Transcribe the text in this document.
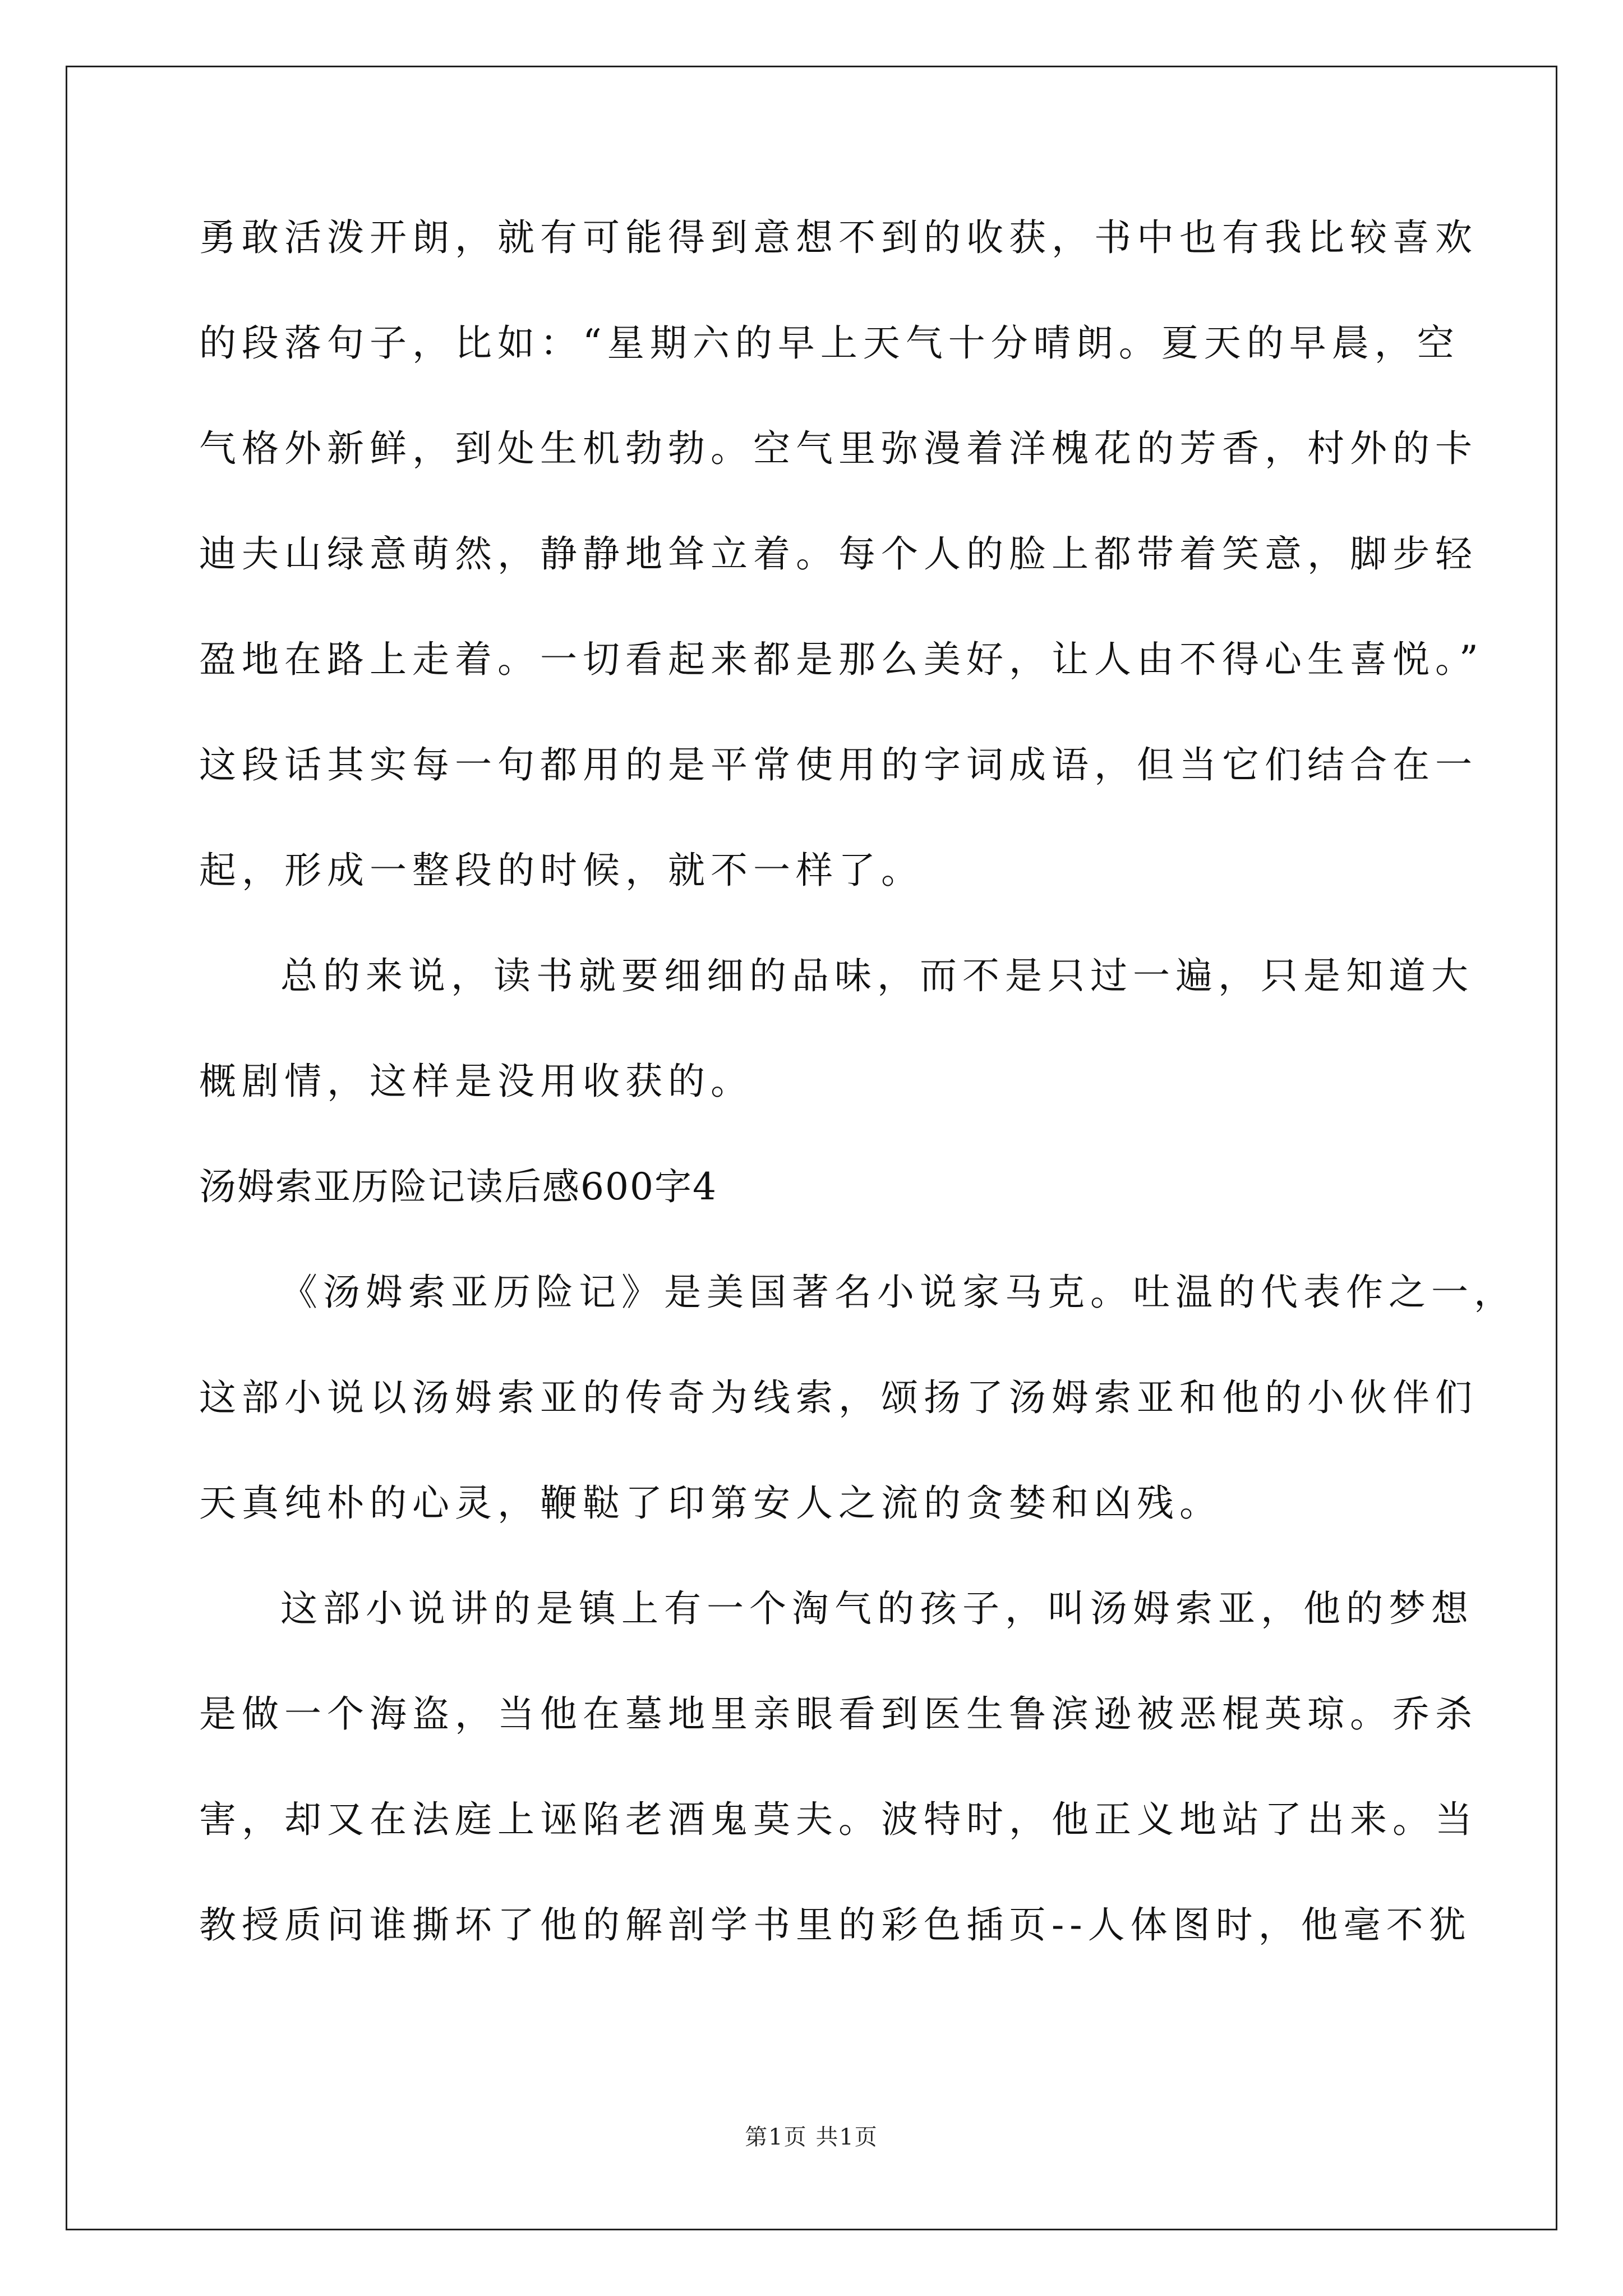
勇敢活泼开朗，就有可能得到意想不到的收获，书中也有我比较喜欢
的段落句子，比如：“星期六的早上天气十分晴朗。夏天的早晨，空
气格外新鲜，到处生机勃勃。空气里弥漫着洋槐花的芳香，村外的卡
迪夫山绿意萌然，静静地耸立着。每个人的脸上都带着笑意，脚步轻
盈地在路上走着。一切看起来都是那么美好，让人由不得心生喜悦。”
这段话其实每一句都用的是平常使用的字词成语，但当它们结合在一
起，形成一整段的时候，就不一样了。
总的来说，读书就要细细的品味，而不是只过一遍，只是知道大
概剧情，这样是没用收获的。
汤姆索亚历险记读后感600字4
《汤姆索亚历险记》是美国著名小说家马克。吐温的代表作之一，
这部小说以汤姆索亚的传奇为线索，颂扬了汤姆索亚和他的小伙伴们
天真纯朴的心灵，鞭鞑了印第安人之流的贪婪和凶残。
这部小说讲的是镇上有一个淘气的孩子，叫汤姆索亚，他的梦想
是做一个海盗，当他在墓地里亲眼看到医生鲁滨逊被恶棍英琼。乔杀
害，却又在法庭上诬陷老酒鬼莫夫。波特时，他正义地站了出来。当
教授质问谁撕坏了他的解剖学书里的彩色插页--人体图时，他毫不犹
第1页 共1页
